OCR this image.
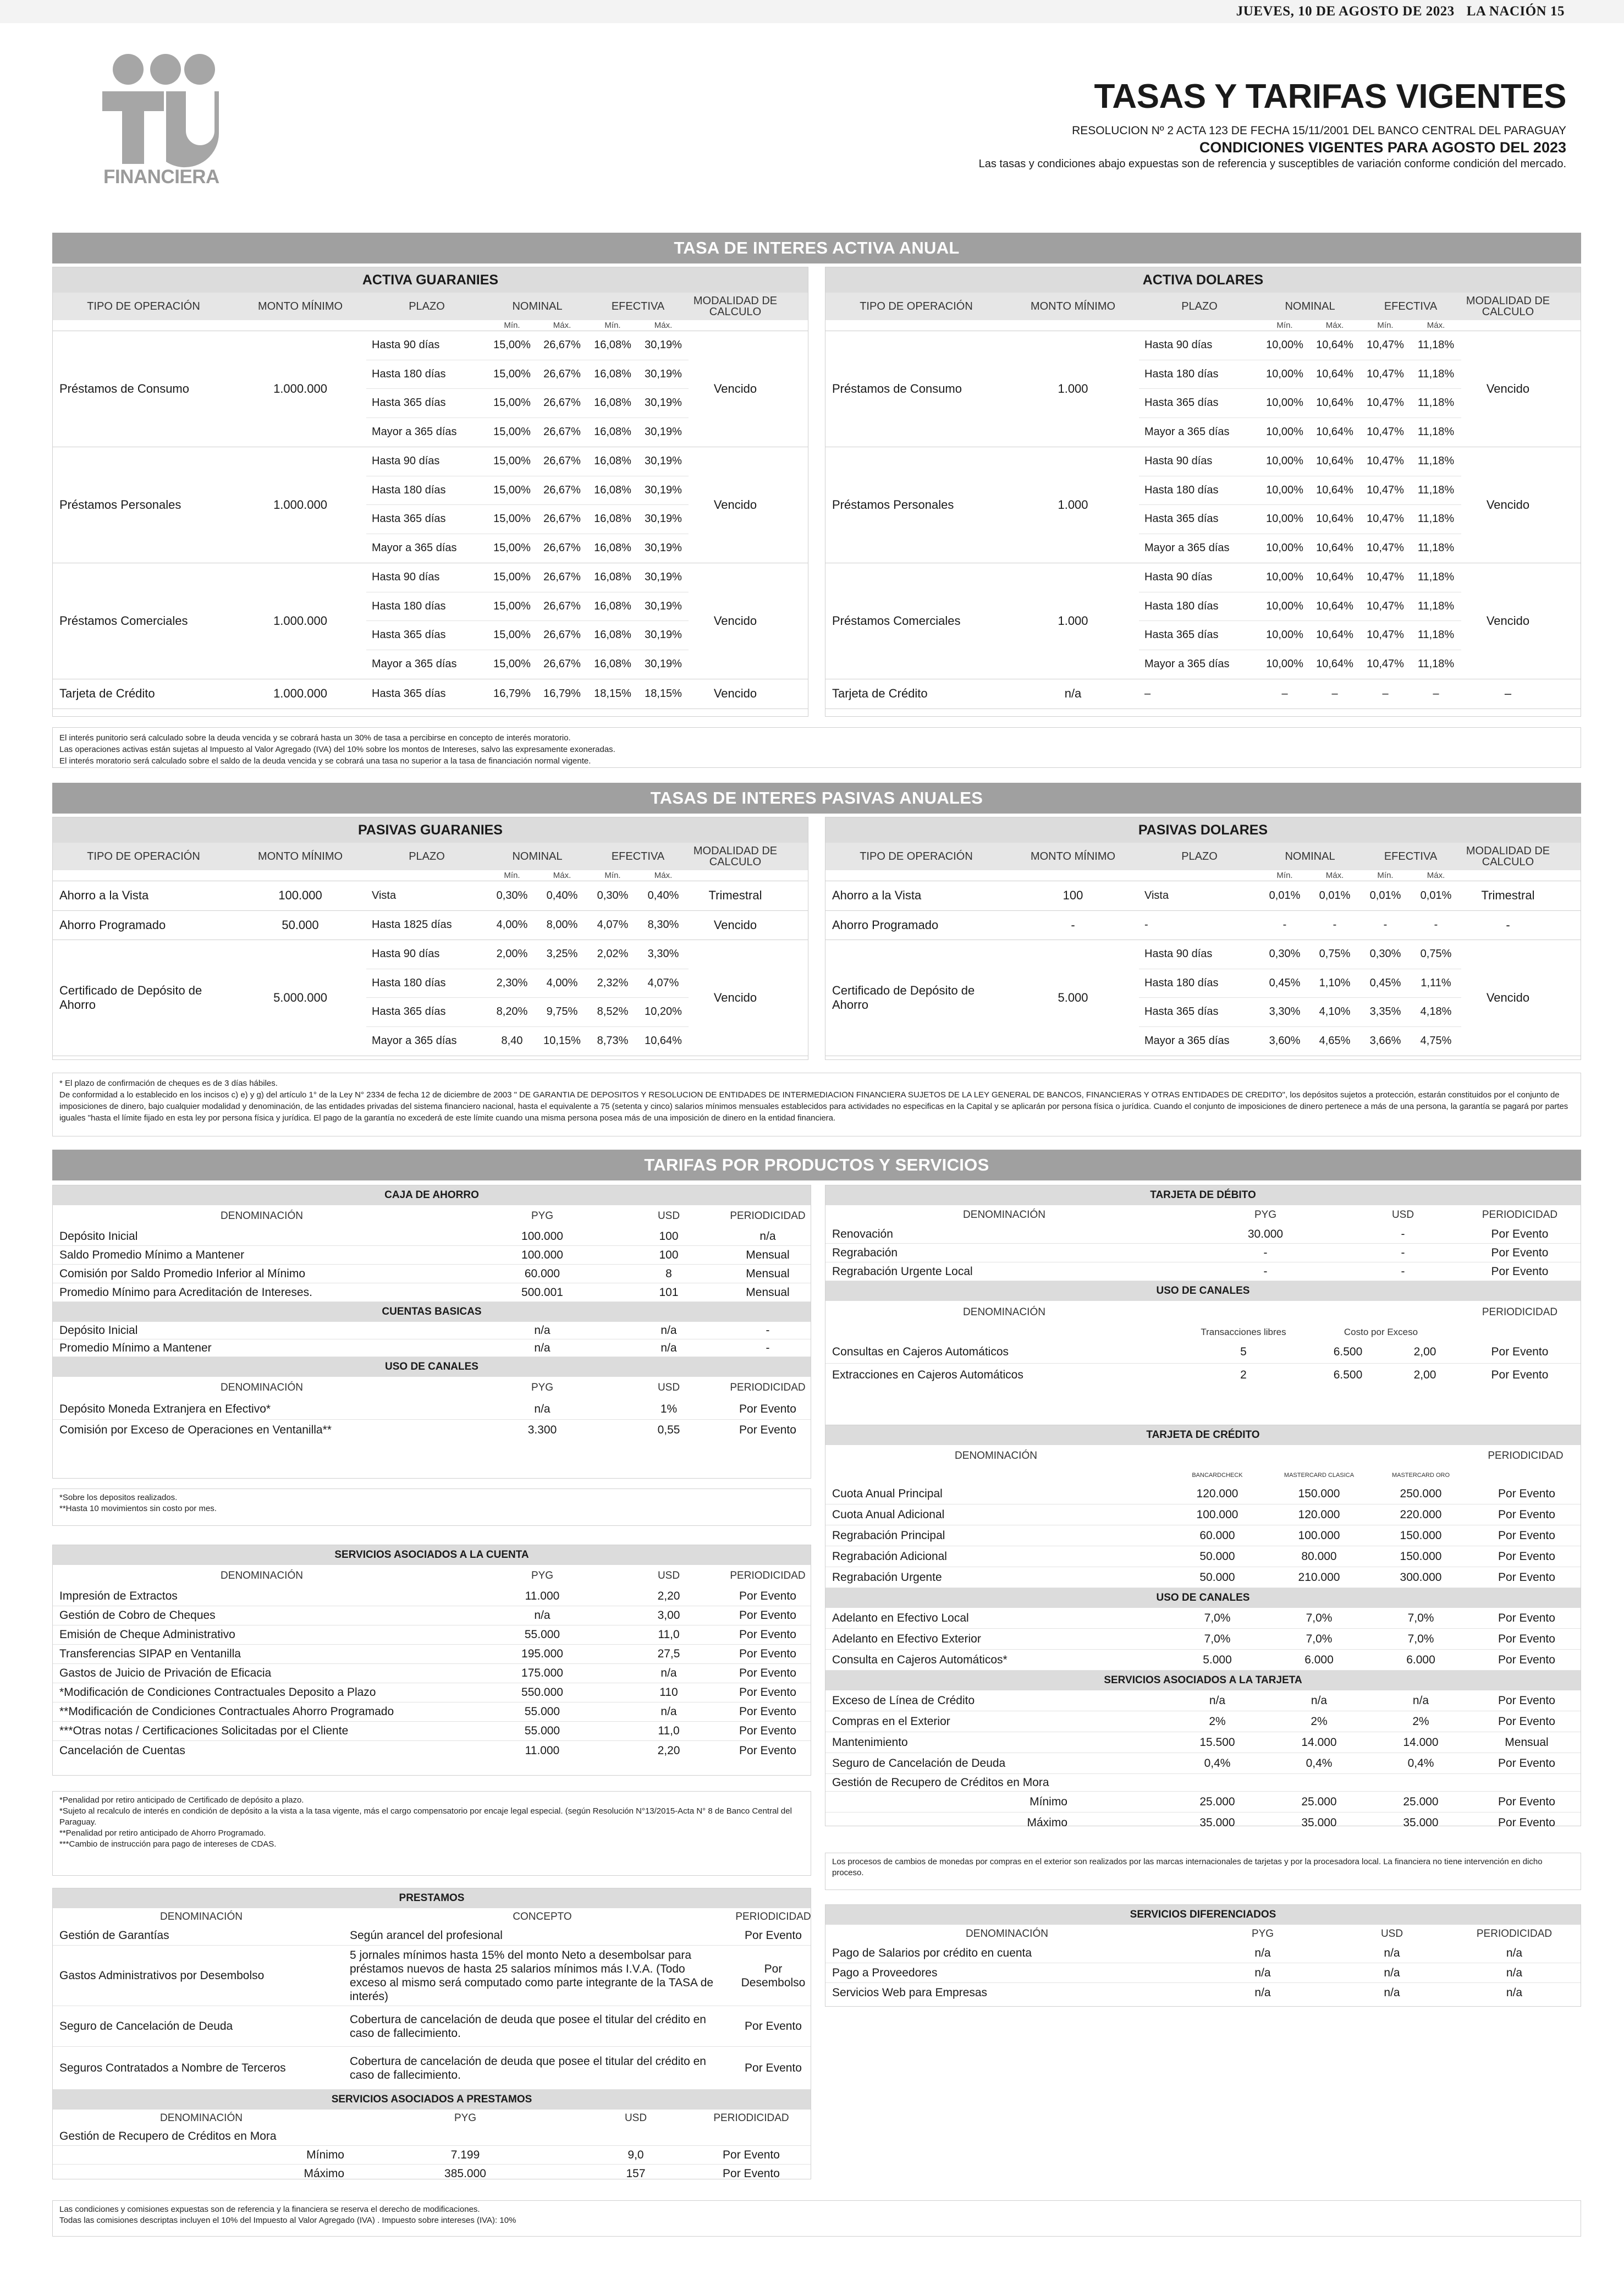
JUEVES, 10 DE AGOSTO DE 2023 LA NACIÓN 15
FINANCIERA
TASAS Y TARIFAS VIGENTES
RESOLUCION Nº 2 ACTA 123 DE FECHA 15/11/2001 DEL BANCO CENTRAL DEL PARAGUAY
CONDICIONES VIGENTES PARA AGOSTO DEL 2023
Las tasas y condiciones abajo expuestas son de referencia y susceptibles de variación conforme condición del mercado.
TASA DE INTERES ACTIVA ANUAL
ACTIVA GUARANIES
TIPO DE OPERACIÓN	MONTO MÍNIMO	PLAZO	NOMINAL	EFECTIVA	MODALIDAD DE CALCULO
Mín.	Máx.	Mín.	Máx.
Préstamos de Consumo	1.000.000
Hasta 90 días	15,00%	26,67%	16,08%	30,19%
Hasta 180 días	15,00%	26,67%	16,08%	30,19%
Hasta 365 días	15,00%	26,67%	16,08%	30,19%
Mayor a 365 días	15,00%	26,67%	16,08%	30,19%
Vencido
Préstamos Personales	1.000.000
Hasta 90 días	15,00%	26,67%	16,08%	30,19%
Hasta 180 días	15,00%	26,67%	16,08%	30,19%
Hasta 365 días	15,00%	26,67%	16,08%	30,19%
Mayor a 365 días	15,00%	26,67%	16,08%	30,19%
Vencido
Préstamos Comerciales	1.000.000
Hasta 90 días	15,00%	26,67%	16,08%	30,19%
Hasta 180 días	15,00%	26,67%	16,08%	30,19%
Hasta 365 días	15,00%	26,67%	16,08%	30,19%
Mayor a 365 días	15,00%	26,67%	16,08%	30,19%
Vencido
Tarjeta de Crédito	1.000.000	Hasta 365 días	16,79%	16,79%	18,15%	18,15%	Vencido
ACTIVA DOLARES
TIPO DE OPERACIÓN	MONTO MÍNIMO	PLAZO	NOMINAL	EFECTIVA	MODALIDAD DE CALCULO
Mín.	Máx.	Mín.	Máx.
Préstamos de Consumo	1.000
Hasta 90 días	10,00%	10,64%	10,47%	11,18%
Hasta 180 días	10,00%	10,64%	10,47%	11,18%
Hasta 365 días	10,00%	10,64%	10,47%	11,18%
Mayor a 365 días	10,00%	10,64%	10,47%	11,18%
Vencido
Préstamos Personales	1.000
Hasta 90 días	10,00%	10,64%	10,47%	11,18%
Hasta 180 días	10,00%	10,64%	10,47%	11,18%
Hasta 365 días	10,00%	10,64%	10,47%	11,18%
Mayor a 365 días	10,00%	10,64%	10,47%	11,18%
Vencido
Préstamos Comerciales	1.000
Hasta 90 días	10,00%	10,64%	10,47%	11,18%
Hasta 180 días	10,00%	10,64%	10,47%	11,18%
Hasta 365 días	10,00%	10,64%	10,47%	11,18%
Mayor a 365 días	10,00%	10,64%	10,47%	11,18%
Vencido
Tarjeta de Crédito	n/a	–	–	–	–	–	–
El interés punitorio será calculado sobre la deuda vencida y se cobrará hasta un 30% de tasa a percibirse en concepto de interés moratorio.
Las operaciones activas están sujetas al Impuesto al Valor Agregado (IVA) del 10% sobre los montos de Intereses, salvo las expresamente exoneradas.
El interés moratorio será calculado sobre el saldo de la deuda vencida y se cobrará una tasa no superior a la tasa de financiación normal vigente.
TASAS DE INTERES PASIVAS ANUALES
PASIVAS GUARANIES
TIPO DE OPERACIÓN	MONTO MÍNIMO	PLAZO	NOMINAL	EFECTIVA	MODALIDAD DE CALCULO
Mín.	Máx.	Mín.	Máx.
Ahorro a la Vista	100.000	Vista	0,30%	0,40%	0,30%	0,40%	Trimestral
Ahorro Programado	50.000	Hasta 1825 días	4,00%	8,00%	4,07%	8,30%	Vencido
Certificado de Depósito de Ahorro
5.000.000
Hasta 90 días	2,00%	3,25%	2,02%	3,30%
Hasta 180 días	2,30%	4,00%	2,32%	4,07%
Hasta 365 días	8,20%	9,75%	8,52%	10,20%
Mayor a 365 días	8,40	10,15%	8,73%	10,64%
Vencido
PASIVAS DOLARES
TIPO DE OPERACIÓN	MONTO MÍNIMO	PLAZO	NOMINAL	EFECTIVA	MODALIDAD DE CALCULO
Mín.	Máx.	Mín.	Máx.
Ahorro a la Vista	100	Vista	0,01%	0,01%	0,01%	0,01%	Trimestral
Ahorro Programado	-	-	-	-	-	-	-
Certificado de Depósito de Ahorro
5.000
Hasta 90 días	0,30%	0,75%	0,30%	0,75%
Hasta 180 días	0,45%	1,10%	0,45%	1,11%
Hasta 365 días	3,30%	4,10%	3,35%	4,18%
Mayor a 365 días	3,60%	4,65%	3,66%	4,75%
Vencido
* El plazo de confirmación de cheques es de 3 días hábiles.
De conformidad a lo establecido en los incisos c) e) y g) del artículo 1° de la Ley N° 2334 de fecha 12 de diciembre de 2003 " DE GARANTIA DE DEPOSITOS Y RESOLUCION DE ENTIDADES DE INTERMEDIACION FINANCIERA SUJETOS DE LA LEY GENERAL DE BANCOS, FINANCIERAS Y OTRAS ENTIDADES DE CREDITO", los depósitos sujetos a protección, estarán constituidos por el conjunto de imposiciones de dinero, bajo cualquier modalidad y denominación, de las entidades privadas del sistema financiero nacional, hasta el equivalente a 75 (setenta y cinco) salarios mínimos mensuales establecidos para actividades no especificas en la Capital y se aplicarán por persona física o jurídica. Cuando el conjunto de imposiciones de dinero pertenece a más de una persona, la garantía se pagará por partes iguales "hasta el límite fijado en esta ley por persona física y jurídica. El pago de la garantía no excederá de este límite cuando una misma persona posea más de una imposición de dinero en la entidad financiera.
TARIFAS POR PRODUCTOS Y SERVICIOS
CAJA DE AHORRO
DENOMINACIÓN	PYG	USD	PERIODICIDAD
Depósito Inicial	100.000	100	n/a
Saldo Promedio Mínimo a Mantener	100.000	100	Mensual
Comisión por Saldo Promedio Inferior al Mínimo	60.000	8	Mensual
Promedio Mínimo para Acreditación de Intereses.	500.001	101	Mensual
CUENTAS BASICAS
Depósito Inicial	n/a	n/a	-
Promedio Mínimo a Mantener	n/a	n/a	-
USO DE CANALES
DENOMINACIÓN	PYG	USD	PERIODICIDAD
Depósito Moneda Extranjera en Efectivo*	n/a	1%	Por Evento
Comisión por Exceso de Operaciones en Ventanilla**	3.300	0,55	Por Evento
*Sobre los depositos realizados.
**Hasta 10 movimientos sin costo por mes.
SERVICIOS ASOCIADOS A LA CUENTA
DENOMINACIÓN	PYG	USD	PERIODICIDAD
Impresión de Extractos	11.000	2,20	Por Evento
Gestión de Cobro de Cheques	n/a	3,00	Por Evento
Emisión de Cheque Administrativo	55.000	11,0	Por Evento
Transferencias SIPAP en Ventanilla	195.000	27,5	Por Evento
Gastos de Juicio de Privación de Eficacia	175.000	n/a	Por Evento
*Modificación de Condiciones Contractuales Deposito a Plazo	550.000	110	Por Evento
**Modificación de Condiciones Contractuales Ahorro Programado	55.000	n/a	Por Evento
***Otras notas / Certificaciones Solicitadas por el Cliente	55.000	11,0	Por Evento
Cancelación de Cuentas	11.000	2,20	Por Evento
*Penalidad por retiro anticipado de Certificado de depósito a plazo.
*Sujeto al recalculo de interés en condición de depósito a la vista a la tasa vigente, más el cargo compensatorio por encaje legal especial. (según Resolución N°13/2015-Acta N° 8 de Banco Central del Paraguay.
**Penalidad por retiro anticipado de Ahorro Programado.
***Cambio de instrucción para pago de intereses de CDAS.
PRESTAMOS
DENOMINACIÓN	CONCEPTO	PERIODICIDAD
Gestión de Garantías	Según arancel del profesional	Por Evento
Gastos Administrativos por Desembolso
5 jornales mínimos hasta 15% del monto Neto a desembolsar para préstamos nuevos de hasta 25 salarios mínimos más I.V.A. (Todo exceso al mismo será computado como parte integrante de la TASA de interés)
Por Desembolso
Seguro de Cancelación de Deuda
Cobertura de cancelación de deuda que posee el titular del crédito en caso de fallecimiento.
Por Evento
Seguros Contratados a Nombre de Terceros
Cobertura de cancelación de deuda que posee el titular del crédito en caso de fallecimiento.
Por Evento
SERVICIOS ASOCIADOS A PRESTAMOS
DENOMINACIÓN	PYG	USD	PERIODICIDAD
Gestión de Recupero de Créditos en Mora
Mínimo	7.199	9,0	Por Evento
Máximo	385.000	157	Por Evento
TARJETA DE DÉBITO
DENOMINACIÓN	PYG	USD	PERIODICIDAD
Renovación	30.000	-	Por Evento
Regrabación	-	-	Por Evento
Regrabación Urgente Local	-	-	Por Evento
USO DE CANALES
DENOMINACIÓN	PERIODICIDAD
Transacciones libres	Costo por Exceso
Consultas en Cajeros Automáticos	5	6.500	2,00	Por Evento
Extracciones en Cajeros Automáticos	2	6.500	2,00	Por Evento
TARJETA DE CRÉDITO
DENOMINACIÓN	PERIODICIDAD
BANCARDCHECK	MASTERCARD CLASICA	MASTERCARD ORO
Cuota Anual Principal	120.000	150.000	250.000	Por Evento
Cuota Anual Adicional	100.000	120.000	220.000	Por Evento
Regrabación Principal	60.000	100.000	150.000	Por Evento
Regrabación Adicional	50.000	80.000	150.000	Por Evento
Regrabación Urgente	50.000	210.000	300.000	Por Evento
USO DE CANALES
Adelanto en Efectivo Local	7,0%	7,0%	7,0%	Por Evento
Adelanto en Efectivo Exterior	7,0%	7,0%	7,0%	Por Evento
Consulta en Cajeros Automáticos*	5.000	6.000	6.000	Por Evento
SERVICIOS ASOCIADOS A LA TARJETA
Exceso de Línea de Crédito	n/a	n/a	n/a	Por Evento
Compras en el Exterior	2%	2%	2%	Por Evento
Mantenimiento	15.500	14.000	14.000	Mensual
Seguro de Cancelación de Deuda	0,4%	0,4%	0,4%	Por Evento
Gestión de Recupero de Créditos en Mora
Mínimo	25.000	25.000	25.000	Por Evento
Máximo	35.000	35.000	35.000	Por Evento
Los procesos de cambios de monedas por compras en el exterior son realizados por las marcas internacionales de tarjetas y por la procesadora local. La financiera no tiene intervención en dicho proceso.
SERVICIOS DIFERENCIADOS
DENOMINACIÓN	PYG	USD	PERIODICIDAD
Pago de Salarios por crédito en cuenta	n/a	n/a	n/a
Pago a Proveedores	n/a	n/a	n/a
Servicios Web para Empresas	n/a	n/a	n/a
Las condiciones y comisiones expuestas son de referencia y la financiera se reserva el derecho de modificaciones.
Todas las comisiones descriptas incluyen el 10% del Impuesto al Valor Agregado (IVA) . Impuesto sobre intereses (IVA): 10%
